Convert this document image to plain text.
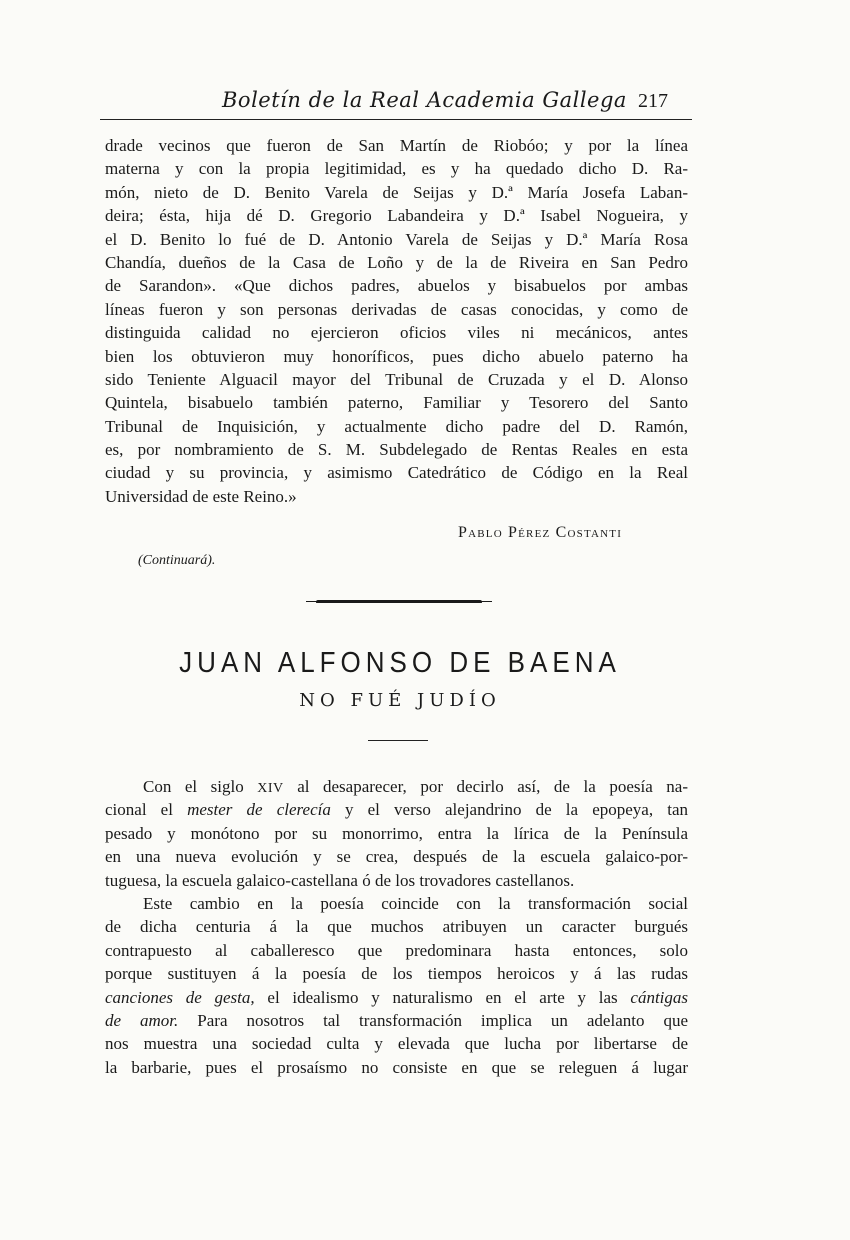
Boletín de la Real Academia Gallega 217
drade vecinos que fueron de San Martín de Riobóo; y por la línea
materna y con la propia legitimidad, es y ha quedado dicho D. Ra-
món, nieto de D. Benito Varela de Seijas y D.ª María Josefa Laban-
deira; ésta, hija dé D. Gregorio Labandeira y D.ª Isabel Nogueira, y
el D. Benito lo fué de D. Antonio Varela de Seijas y D.ª María Rosa
Chandía, dueños de la Casa de Loño y de la de Riveira en San Pedro
de Sarandon». «Que dichos padres, abuelos y bisabuelos por ambas
líneas fueron y son personas derivadas de casas conocidas, y como de
distinguida calidad no ejercieron oficios viles ni mecánicos, antes
bien los obtuvieron muy honoríficos, pues dicho abuelo paterno ha
sido Teniente Alguacil mayor del Tribunal de Cruzada y el D. Alonso
Quintela, bisabuelo también paterno, Familiar y Tesorero del Santo
Tribunal de Inquisición, y actualmente dicho padre del D. Ramón,
es, por nombramiento de S. M. Subdelegado de Rentas Reales en esta
ciudad y su provincia, y asimismo Catedrático de Código en la Real
Universidad de este Reino.»
Pablo Pérez Costanti
(Continuará).
JUAN ALFONSO DE BAENA
NO FUÉ JUDÍO
Con el siglo XIV al desaparecer, por decirlo así, de la poesía na-
cional el mester de clerecía y el verso alejandrino de la epopeya, tan
pesado y monótono por su monorrimo, entra la lírica de la Península
en una nueva evolución y se crea, después de la escuela galaico-por-
tuguesa, la escuela galaico-castellana ó de los trovadores castellanos.
Este cambio en la poesía coincide con la transformación social
de dicha centuria á la que muchos atribuyen un caracter burgués
contrapuesto al caballeresco que predominara hasta entonces, solo
porque sustituyen á la poesía de los tiempos heroicos y á las rudas
canciones de gesta, el idealismo y naturalismo en el arte y las cántigas
de amor. Para nosotros tal transformación implica un adelanto que
nos muestra una sociedad culta y elevada que lucha por libertarse de
la barbarie, pues el prosaísmo no consiste en que se releguen á lugar
